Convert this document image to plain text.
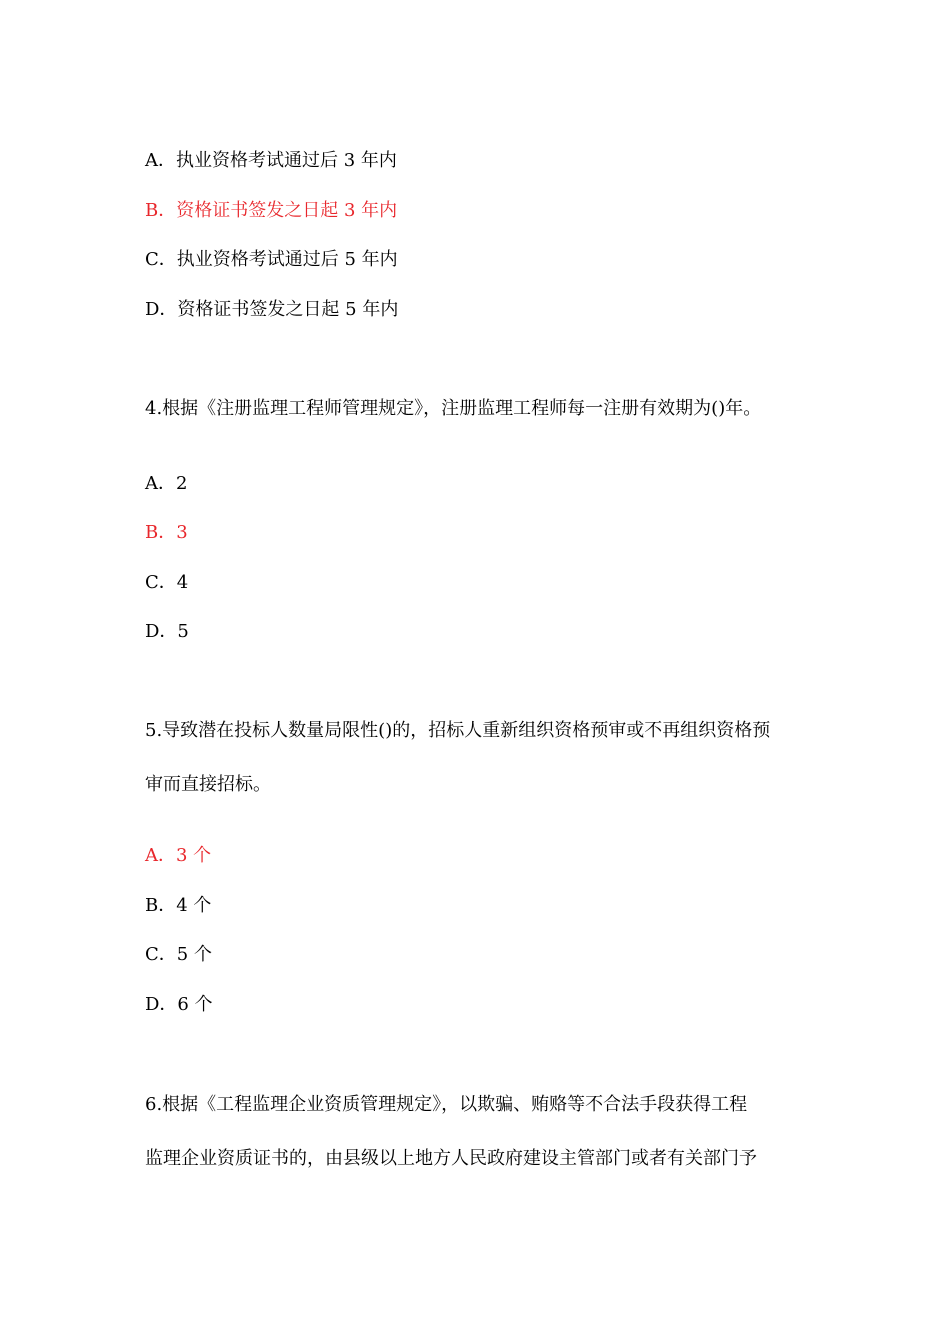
A．执业资格考试通过后 3 年内
B．资格证书签发之日起 3 年内
C．执业资格考试通过后 5 年内
D．资格证书签发之日起 5 年内
4.根据《注册监理工程师管理规定》，注册监理工程师每一注册有效期为()年。
A．2
B．3
C．4
D．5
5.导致潜在投标人数量局限性()的，招标人重新组织资格预审或不再组织资格预
审而直接招标。
A．3 个
B．4 个
C．5 个
D．6 个
6.根据《工程监理企业资质管理规定》，以欺骗、贿赂等不合法手段获得工程
监理企业资质证书的，由县级以上地方人民政府建设主管部门或者有关部门予
